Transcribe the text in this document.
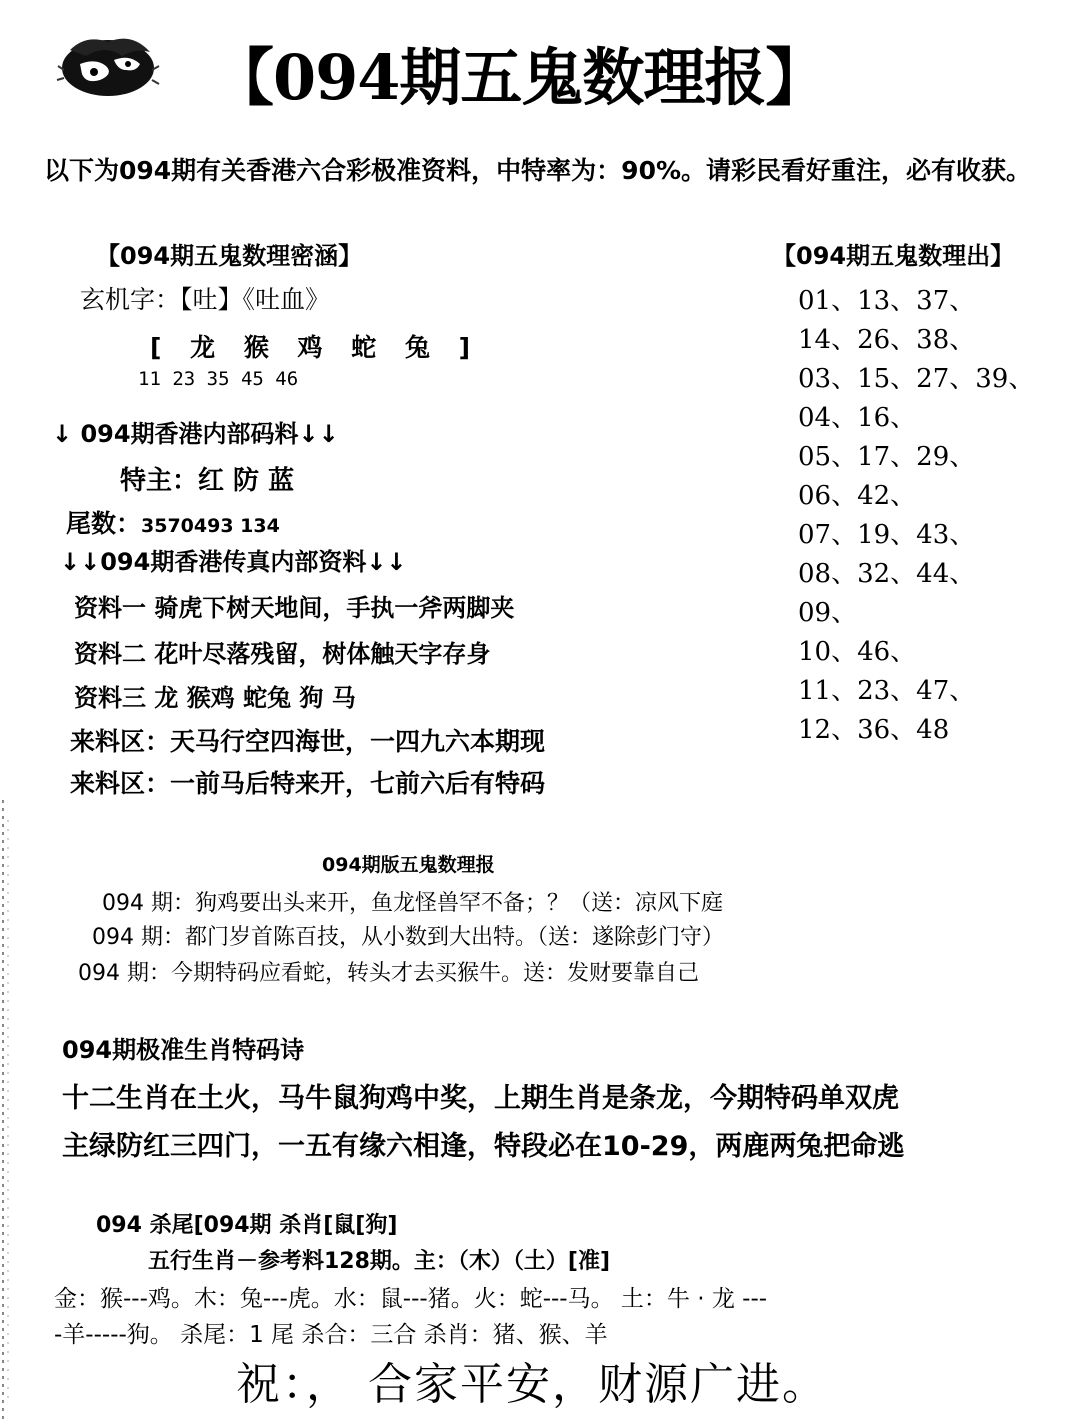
【094期五鬼数理报】
以下为094期有关香港六合彩极准资料，中特率为：90%。请彩民看好重注，必有收获。
【094期五鬼数理密涵】	【094期五鬼数理出】
玄机字：【吐】《吐血》
[ 龙 猴 鸡 蛇 兔 ]
11 23 35 45 46
01、13、37、
14、26、38、
03、15、27、39、
04、16、
05、17、29、
06、42、
07、19、43、
08、32、44、
09、
10、46、
11、23、47、
12、36、48
↓ 094期香港内部码料↓↓
特主：红 防 蓝
尾数：3570493 134
↓↓094期香港传真内部资料↓↓
资料一 骑虎下树天地间，手执一斧两脚夹
资料二 花叶尽落残留，树体触天字存身
资料三 龙 猴鸡 蛇兔 狗 马
来料区：天马行空四海世，一四九六本期现
来料区：一前马后特来开，七前六后有特码
094期版五鬼数理报
094 期：狗鸡要出头来开，鱼龙怪兽罕不备；？（送：凉风下庭
094 期：都门岁首陈百技，从小数到大出特。（送：遂除彭门守）
094 期：今期特码应看蛇，转头才去买猴牛。送：发财要靠自己
094期极准生肖特码诗
十二生肖在土火，马牛鼠狗鸡中奖，上期生肖是条龙，今期特码单双虎
主绿防红三四门，一五有缘六相逢，特段必在10-29，两鹿两兔把命逃
094 杀尾[094期 杀肖[鼠[狗]
五行生肖－参考料128期。主：（木）（土）[准]
金：猴---鸡。木：兔---虎。水：鼠---猪。火：蛇---马。 土：牛 · 龙 ---
-羊-----狗。 杀尾：1 尾 杀合：三合 杀肖：猪、猴、羊
祝：， 合家平安，财源广进。
